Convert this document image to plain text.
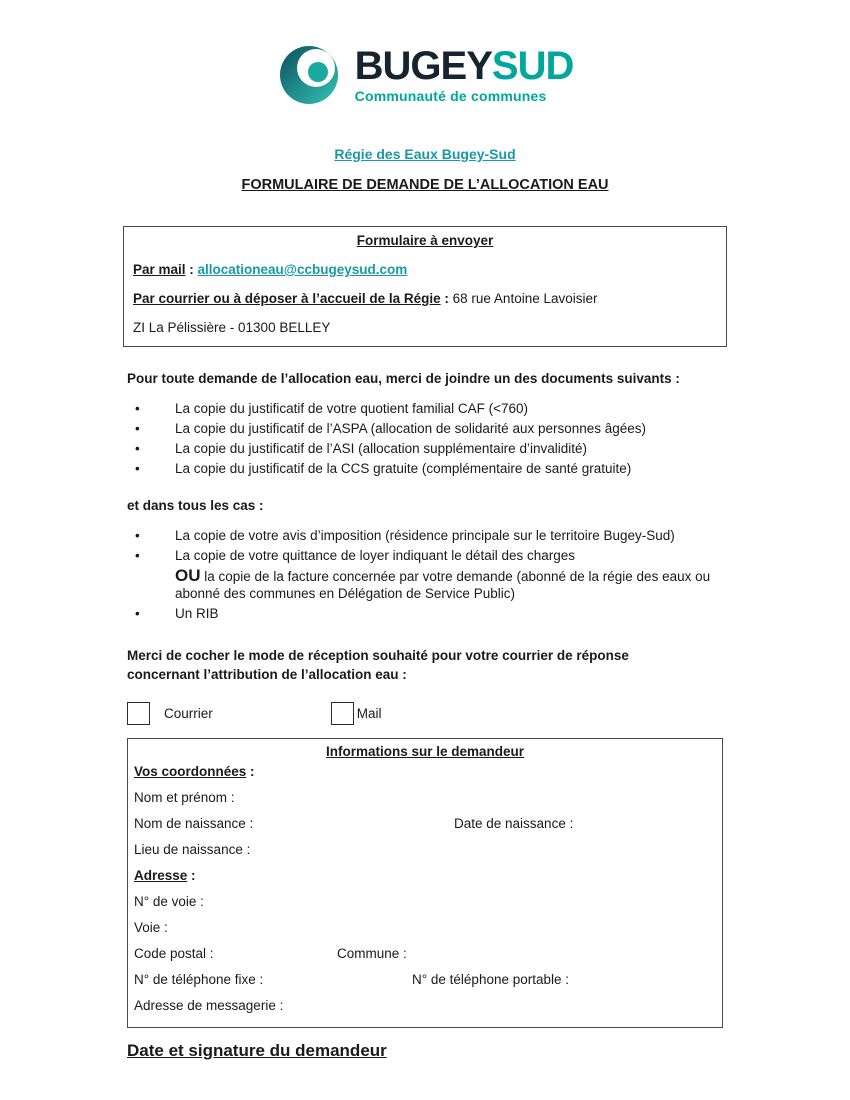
BUGEYSUD
Communauté de communes
Régie des Eaux Bugey-Sud
FORMULAIRE DE DEMANDE DE L’ALLOCATION EAU
Formulaire à envoyer

Par mail : allocationeau@ccbugeysud.com

Par courrier ou à déposer à l’accueil de la Régie : 68 rue Antoine Lavoisier

ZI La Pélissière - 01300 BELLEY

Pour toute demande de l’allocation eau, merci de joindre un des documents suivants :

• La copie du justificatif de votre quotient familial CAF (<760)
• La copie du justificatif de l’ASPA (allocation de solidarité aux personnes âgées)
• La copie du justificatif de l’ASI (allocation supplémentaire d’invalidité)
• La copie du justificatif de la CCS gratuite (complémentaire de santé gratuite)

et dans tous les cas :

• La copie de votre avis d’imposition (résidence principale sur le territoire Bugey-Sud)
• La copie de votre quittance de loyer indiquant le détail des charges
OU la copie de la facture concernée par votre demande (abonné de la régie des eaux ou abonné des communes en Délégation de Service Public)
• Un RIB

Merci de cocher le mode de réception souhaité pour votre courrier de réponse concernant l’attribution de l’allocation eau :

Courrier	Mail
Informations sur le demandeur
Vos coordonnées :
Nom et prénom :
Nom de naissance :	Date de naissance :
Lieu de naissance :
Adresse :
N° de voie :
Voie :
Code postal :	Commune :
N° de téléphone fixe :	N° de téléphone portable :
Adresse de messagerie :

Date et signature du demandeur
